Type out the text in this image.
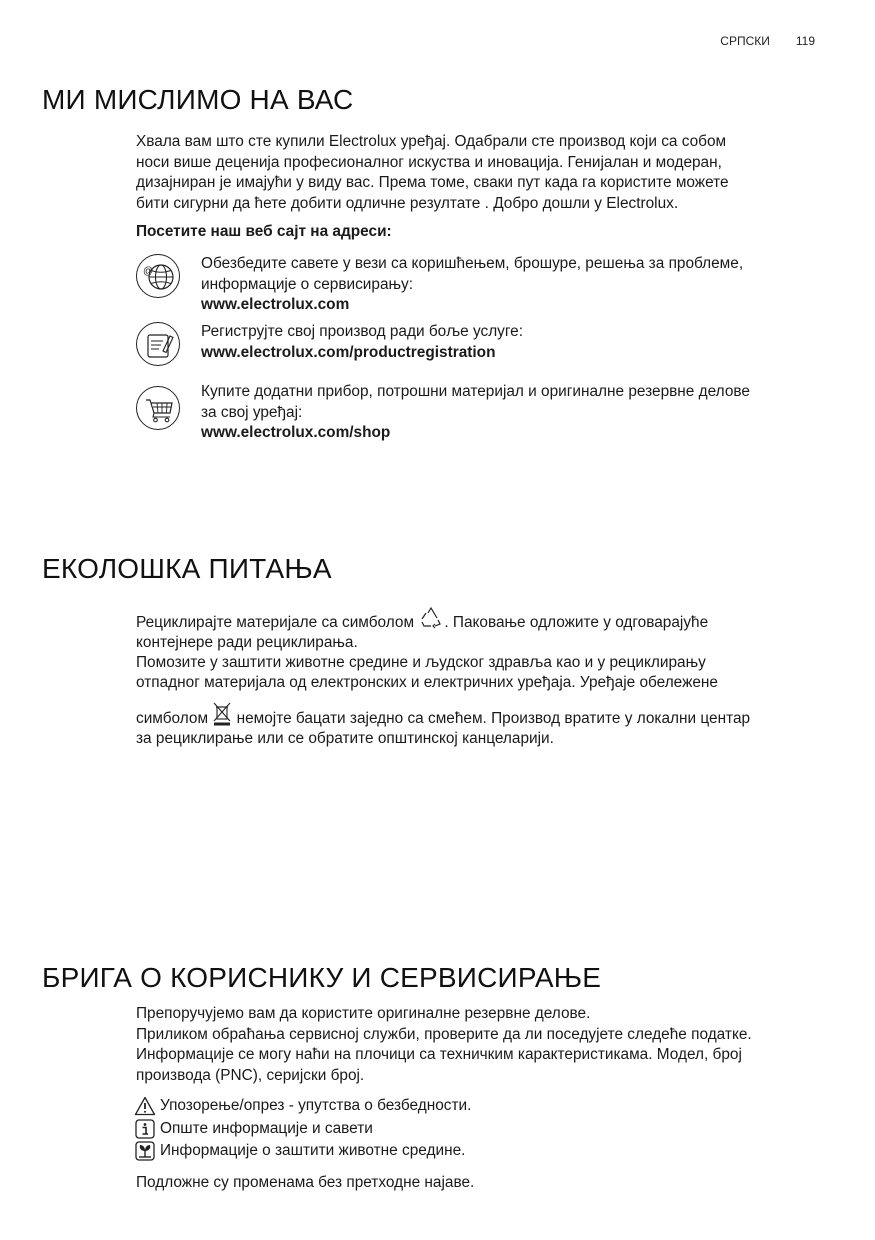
СРПСКИ 119
МИ МИСЛИМО НА ВАС
Хвала вам што сте купили Electrolux уређај. Одабрали сте производ који са собом
носи више деценија професионалног искуства и иновација. Генијалан и модеран,
дизајниран је имајући у виду вас. Према томе, сваки пут када га користите можете
бити сигурни да ћете добити одличне резултате . Добро дошли у Electrolux.
Посетите наш веб сајт на адреси:
@	Обезбедите савете у вези са коришћењем, брошуре, решења за проблеме,
информације о сервисирању:
www.electrolux.com
Региструјте свој производ ради боље услуге:
www.electrolux.com/productregistration
Купите додатни прибор, потрошни материјал и оригиналне резервне делове
за свој уређај:
www.electrolux.com/shop
ЕКОЛОШКА ПИТАЊА
Рециклирајте материјале са симболом . Паковање одложите у одговарајуће
контејнере ради рециклирања.
Помозите у заштити животне средине и људског здравља као и у рециклирању
отпадног материјала од електронских и електричних уређаја. Уређаје обележене
симболом немојте бацати заједно са смећем. Производ вратите у локални центар
за рециклирање или се обратите општинској канцеларији.
БРИГА О КОРИСНИКУ И СЕРВИСИРАЊЕ
Препоручујемо вам да користите оригиналне резервне делове.
Приликом обраћања сервисној служби, проверите да ли поседујете следеће податке.
Информације се могу наћи на плочици са техничким карактеристикама. Модел, број
производа (PNC), серијски број.
Упозорење/опрез - упутства о безбедности.
Опште информације и савети
Информације о заштити животне средине.
Подложне су променама без претходне најаве.
